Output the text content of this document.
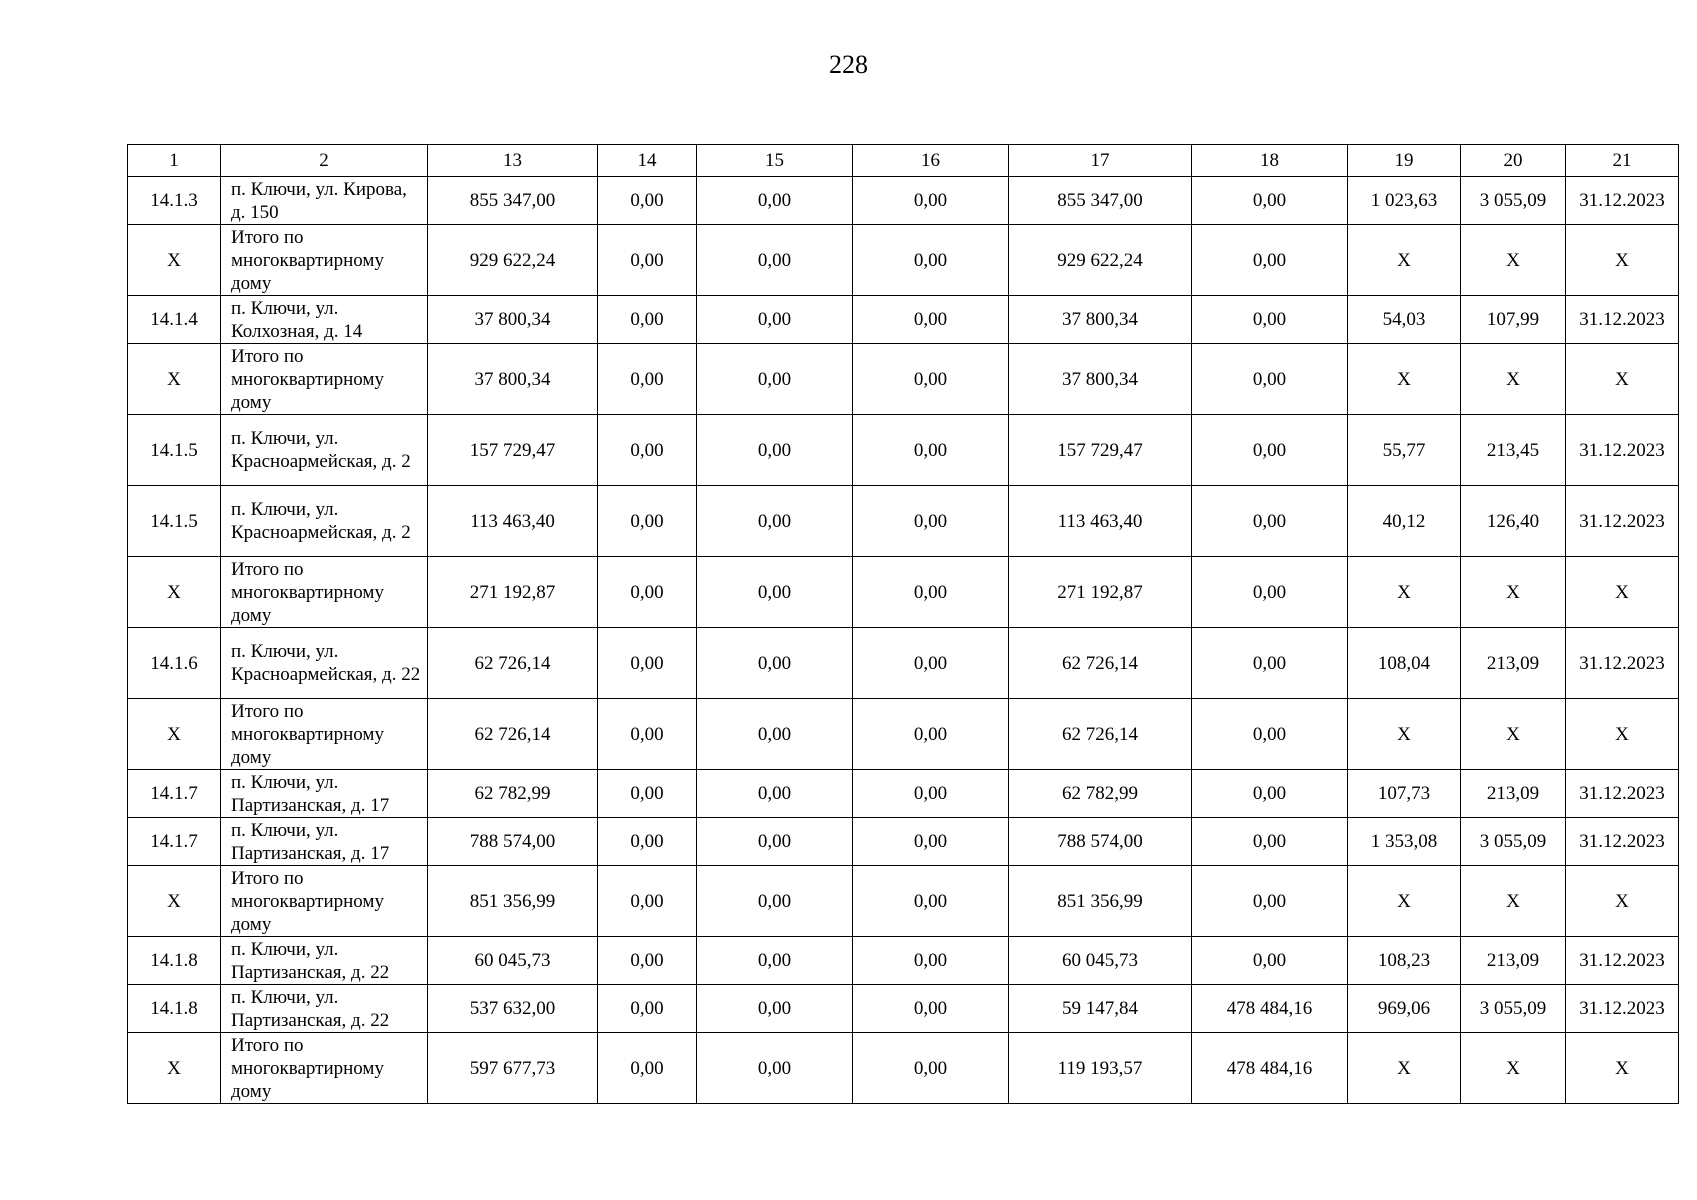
228
1	2	13	14	15	16	17	18	19	20	21
14.1.3	п. Ключи, ул. Кирова, д. 150	855 347,00	0,00	0,00	0,00	855 347,00	0,00	1 023,63	3 055,09	31.12.2023
X	Итого по многоквартирному дому	929 622,24	0,00	0,00	0,00	929 622,24	0,00	X	X	X
14.1.4	п. Ключи, ул. Колхозная, д. 14	37 800,34	0,00	0,00	0,00	37 800,34	0,00	54,03	107,99	31.12.2023
X	Итого по многоквартирному дому	37 800,34	0,00	0,00	0,00	37 800,34	0,00	X	X	X
14.1.5	п. Ключи, ул. Красноармейская, д. 2	157 729,47	0,00	0,00	0,00	157 729,47	0,00	55,77	213,45	31.12.2023
14.1.5	п. Ключи, ул. Красноармейская, д. 2	113 463,40	0,00	0,00	0,00	113 463,40	0,00	40,12	126,40	31.12.2023
X	Итого по многоквартирному дому	271 192,87	0,00	0,00	0,00	271 192,87	0,00	X	X	X
14.1.6	п. Ключи, ул. Красноармейская, д. 22	62 726,14	0,00	0,00	0,00	62 726,14	0,00	108,04	213,09	31.12.2023
X	Итого по многоквартирному дому	62 726,14	0,00	0,00	0,00	62 726,14	0,00	X	X	X
14.1.7	п. Ключи, ул. Партизанская, д. 17	62 782,99	0,00	0,00	0,00	62 782,99	0,00	107,73	213,09	31.12.2023
14.1.7	п. Ключи, ул. Партизанская, д. 17	788 574,00	0,00	0,00	0,00	788 574,00	0,00	1 353,08	3 055,09	31.12.2023
X	Итого по многоквартирному дому	851 356,99	0,00	0,00	0,00	851 356,99	0,00	X	X	X
14.1.8	п. Ключи, ул. Партизанская, д. 22	60 045,73	0,00	0,00	0,00	60 045,73	0,00	108,23	213,09	31.12.2023
14.1.8	п. Ключи, ул. Партизанская, д. 22	537 632,00	0,00	0,00	0,00	59 147,84	478 484,16	969,06	3 055,09	31.12.2023
X	Итого по многоквартирному дому	597 677,73	0,00	0,00	0,00	119 193,57	478 484,16	X	X	X
